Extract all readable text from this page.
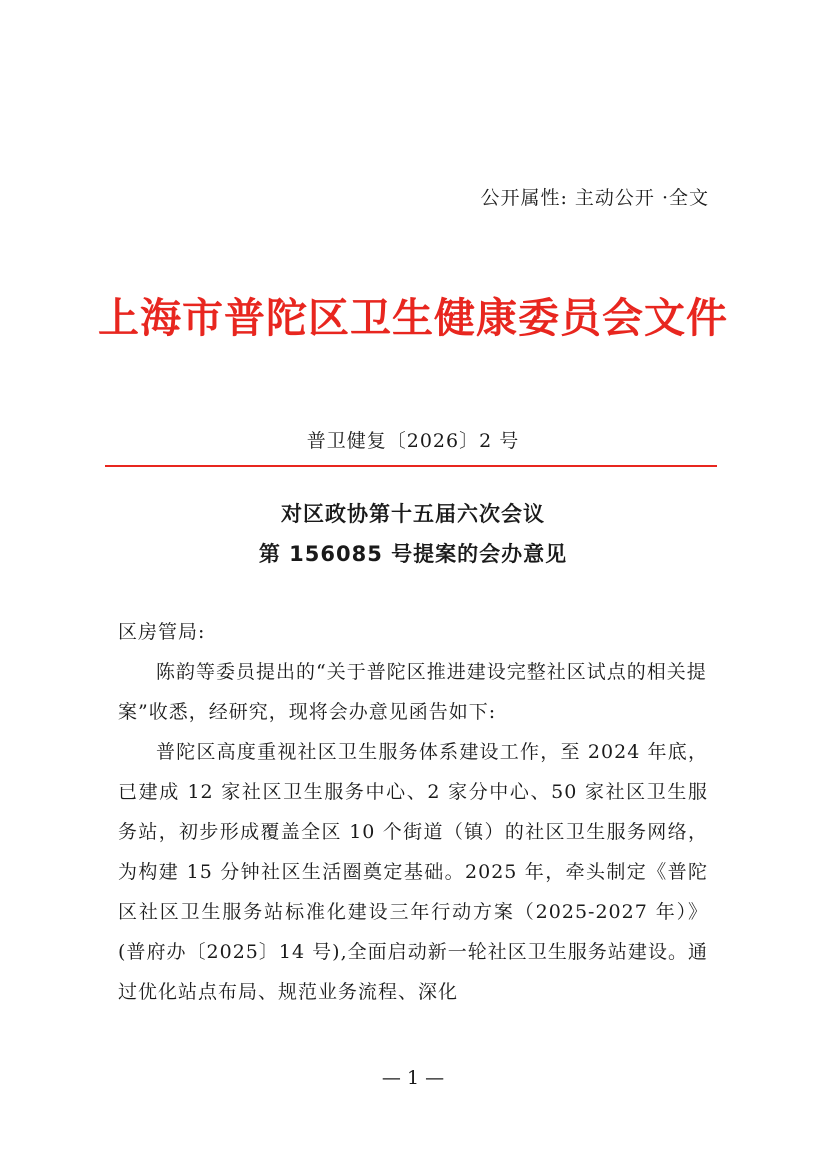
公开属性: 主动公开 ·全文
上海市普陀区卫生健康委员会文件
普卫健复〔2026〕2 号
对区政协第十五届六次会议
第 156085 号提案的会办意见
区房管局:
陈韵等委员提出的“关于普陀区推进建设完整社区试点的相关提案”收悉，经研究，现将会办意见函告如下:
普陀区高度重视社区卫生服务体系建设工作，至 2024 年底，已建成 12 家社区卫生服务中心、2 家分中心、50 家社区卫生服务站，初步形成覆盖全区 10 个街道（镇）的社区卫生服务网络，为构建 15 分钟社区生活圈奠定基础。2025 年，牵头制定《普陀区社区卫生服务站标准化建设三年行动方案（2025-2027 年）》(普府办〔2025〕14 号),全面启动新一轮社区卫生服务站建设。通过优化站点布局、规范业务流程、深化
— 1 —
